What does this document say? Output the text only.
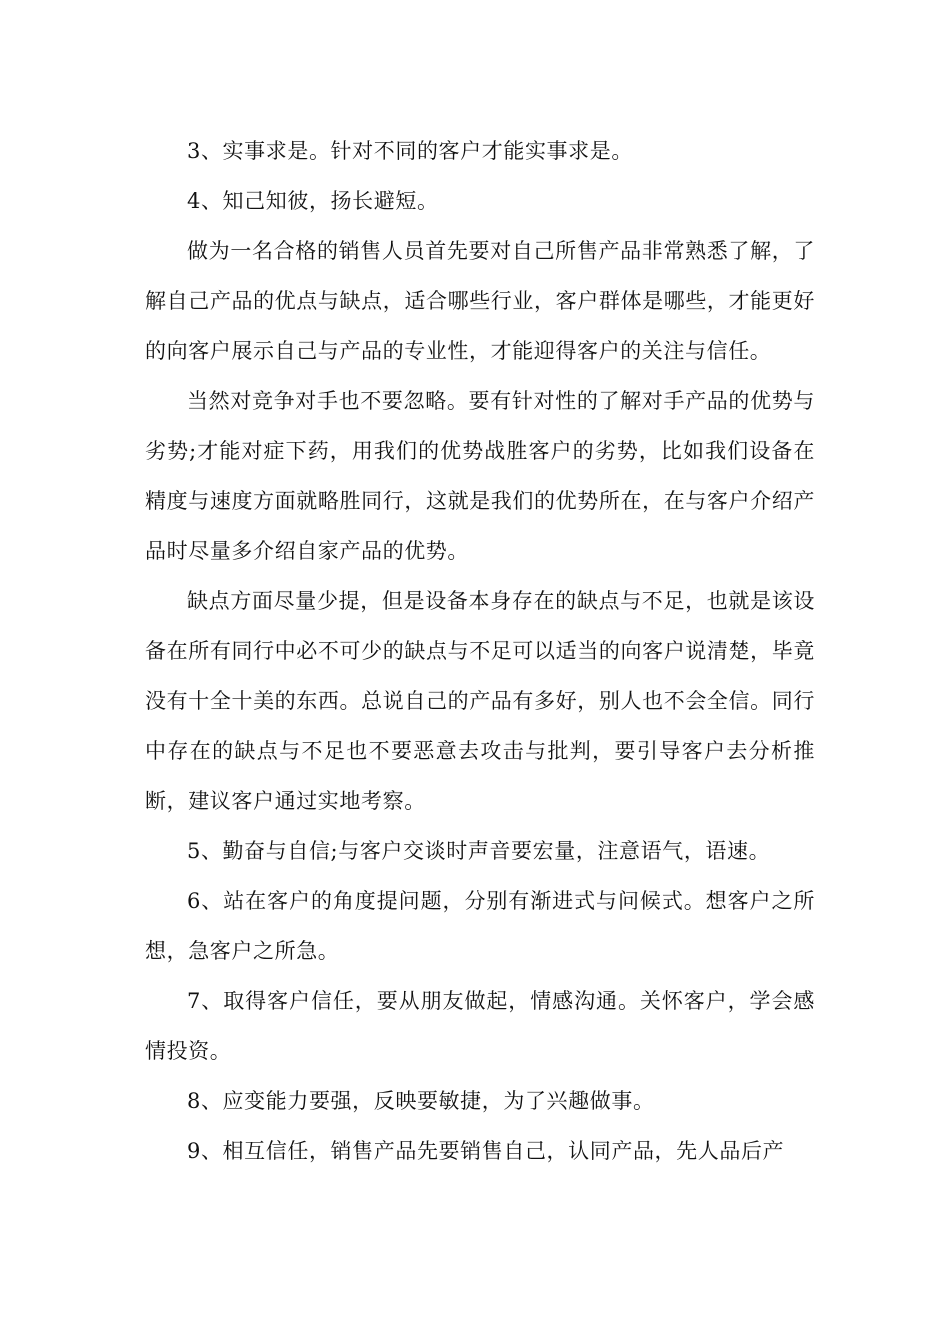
3、实事求是。针对不同的客户才能实事求是。

4、知己知彼，扬长避短。

做为一名合格的销售人员首先要对自己所售产品非常熟悉了解，了解自己产品的优点与缺点，适合哪些行业，客户群体是哪些，才能更好的向客户展示自己与产品的专业性，才能迎得客户的关注与信任。

当然对竞争对手也不要忽略。要有针对性的了解对手产品的优势与劣势;才能对症下药，用我们的优势战胜客户的劣势，比如我们设备在精度与速度方面就略胜同行，这就是我们的优势所在，在与客户介绍产品时尽量多介绍自家产品的优势。

缺点方面尽量少提，但是设备本身存在的缺点与不足，也就是该设备在所有同行中必不可少的缺点与不足可以适当的向客户说清楚，毕竟没有十全十美的东西。总说自己的产品有多好，别人也不会全信。同行中存在的缺点与不足也不要恶意去攻击与批判，要引导客户去分析推断，建议客户通过实地考察。

5、勤奋与自信;与客户交谈时声音要宏量，注意语气，语速。

6、站在客户的角度提问题，分别有渐进式与问候式。想客户之所想，急客户之所急。

7、取得客户信任，要从朋友做起，情感沟通。关怀客户，学会感情投资。

8、应变能力要强，反映要敏捷，为了兴趣做事。

9、相互信任，销售产品先要销售自己，认同产品，先人品后产
